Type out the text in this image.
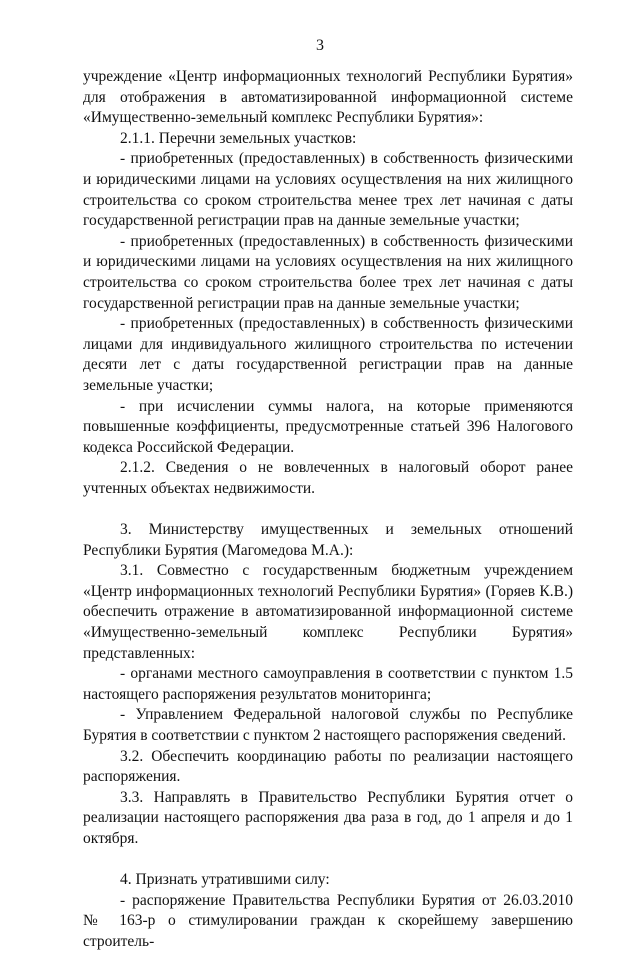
3

учреждение «Центр информационных технологий Республики Бурятия» для отображения в автоматизированной информационной системе «Имущественно-земельный комплекс Республики Бурятия»:

2.1.1. Перечни земельных участков:

- приобретенных (предоставленных) в собственность физическими и юридическими лицами на условиях осуществления на них жилищного строительства со сроком строительства менее трех лет начиная с даты государственной регистрации прав на данные земельные участки;

- приобретенных (предоставленных) в собственность физическими и юридическими лицами на условиях осуществления на них жилищного строительства со сроком строительства более трех лет начиная с даты государственной регистрации прав на данные земельные участки;

- приобретенных (предоставленных) в собственность физическими лицами для индивидуального жилищного строительства по истечении десяти лет с даты государственной регистрации прав на данные земельные участки;

- при исчислении суммы налога, на которые применяются повышенные коэффициенты, предусмотренные статьей 396 Налогового кодекса Российской Федерации.

2.1.2. Сведения о не вовлеченных в налоговый оборот ранее учтенных объектах недвижимости.

3. Министерству имущественных и земельных отношений Республики Бурятия (Магомедова М.А.):

3.1. Совместно с государственным бюджетным учреждением «Центр информационных технологий Республики Бурятия» (Горяев К.В.) обеспечить отражение в автоматизированной информационной системе «Имущественно-земельный комплекс Республики Бурятия» представленных:

- органами местного самоуправления в соответствии с пунктом 1.5 настоящего распоряжения результатов мониторинга;

- Управлением Федеральной налоговой службы по Республике Бурятия в соответствии с пунктом 2 настоящего распоряжения сведений.

3.2. Обеспечить координацию работы по реализации настоящего распоряжения.

3.3. Направлять в Правительство Республики Бурятия отчет о реализации настоящего распоряжения два раза в год, до 1 апреля и до 1 октября.

4. Признать утратившими силу:

- распоряжение Правительства Республики Бурятия от 26.03.2010 № 163-р о стимулировании граждан к скорейшему завершению строитель-
